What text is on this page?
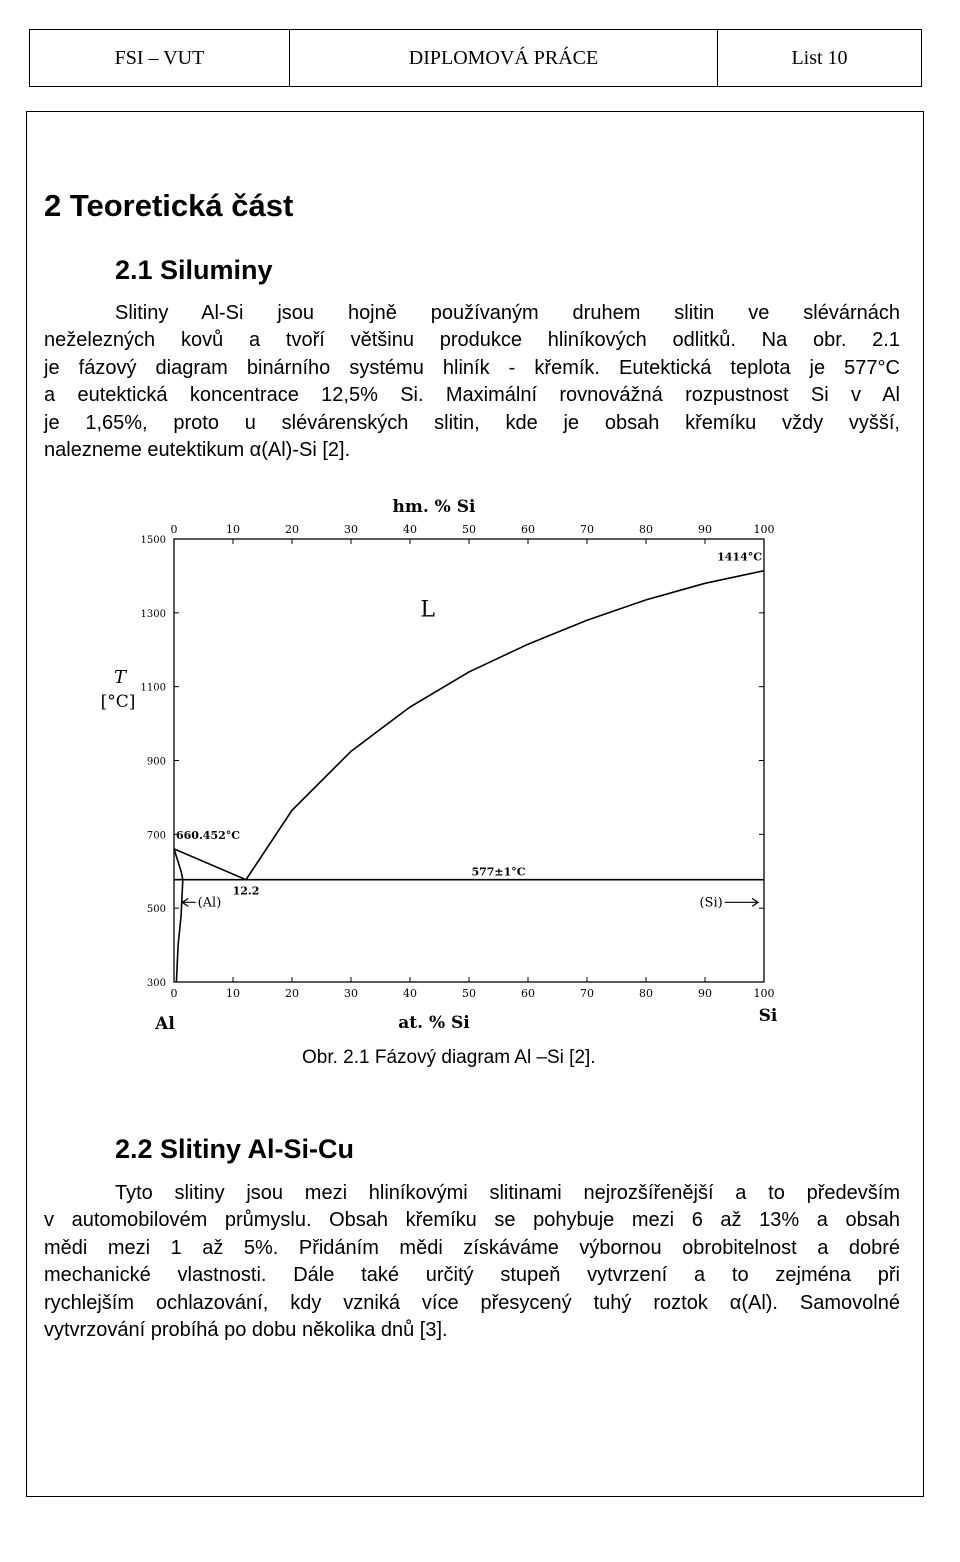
FSI – VUT	DIPLOMOVÁ PRÁCE	List 10
2 Teoretická část
2.1 Siluminy
Slitiny Al-Si jsou hojně používaným druhem slitin ve slévárnách
neželezných kovů a tvoří většinu produkce hliníkových odlitků. Na obr. 2.1
je fázový diagram binárního systému hliník - křemík. Eutektická teplota je 577°C
a eutektická koncentrace 12,5% Si. Maximální rovnovážná rozpustnost Si v Al
je 1,65%, proto u slévárenských slitin, kde je obsah křemíku vždy vyšší,
nalezneme eutektikum α(Al)-Si [2].
0
0
10
10
20
20
30
30
40
40
50
50
60
60
70
70
80
80
90
90
100
100
1500
1300
1100
900
700
500
300
hm. % Si
at. % Si
T
[°C]
Al	Si
660.452°C
1414°C
577±1°C
12.2
L
(Al)	(Si)
Obr. 2.1 Fázový diagram Al –Si [2].
2.2 Slitiny Al-Si-Cu
Tyto slitiny jsou mezi hliníkovými slitinami nejrozšířenější a to především
v automobilovém průmyslu. Obsah křemíku se pohybuje mezi 6 až 13% a obsah
mědi mezi 1 až 5%. Přidáním mědi získáváme výbornou obrobitelnost a dobré
mechanické vlastnosti. Dále také určitý stupeň vytvrzení a to zejména při
rychlejším ochlazování, kdy vzniká více přesycený tuhý roztok α(Al). Samovolné
vytvrzování probíhá po dobu několika dnů [3].
